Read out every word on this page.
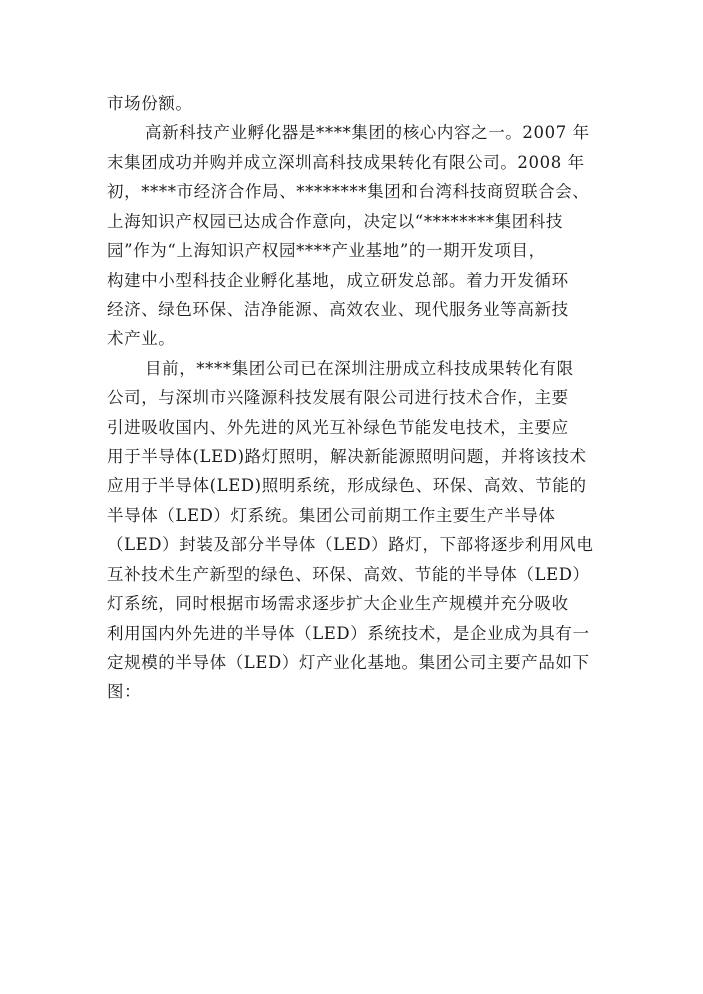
市场份额。
高新科技产业孵化器是****集团的核心内容之一。2007 年
末集团成功并购并成立深圳高科技成果转化有限公司。2008 年
初，****市经济合作局、********集团和台湾科技商贸联合会、
上海知识产权园已达成合作意向，决定以“********集团科技
园”作为“上海知识产权园****产业基地”的一期开发项目，
构建中小型科技企业孵化基地，成立研发总部。着力开发循环
经济、绿色环保、洁净能源、高效农业、现代服务业等高新技
术产业。
目前，****集团公司已在深圳注册成立科技成果转化有限
公司，与深圳市兴隆源科技发展有限公司进行技术合作，主要
引进吸收国内、外先进的风光互补绿色节能发电技术，主要应
用于半导体(LED)路灯照明，解决新能源照明问题，并将该技术
应用于半导体(LED)照明系统，形成绿色、环保、高效、节能的
半导体（LED）灯系统。集团公司前期工作主要生产半导体
（LED）封装及部分半导体（LED）路灯，下部将逐步利用风电
互补技术生产新型的绿色、环保、高效、节能的半导体（LED）
灯系统，同时根据市场需求逐步扩大企业生产规模并充分吸收
利用国内外先进的半导体（LED）系统技术，是企业成为具有一
定规模的半导体（LED）灯产业化基地。集团公司主要产品如下
图：
